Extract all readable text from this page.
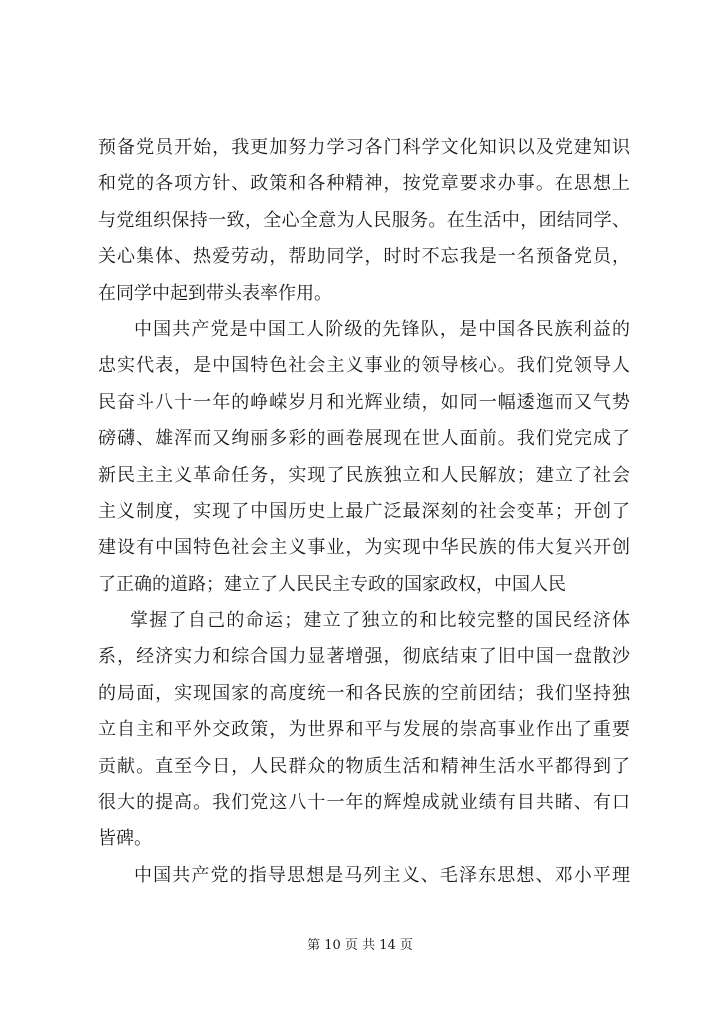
预备党员开始，我更加努力学习各门科学文化知识以及党建知识
和党的各项方针、政策和各种精神，按党章要求办事。在思想上
与党组织保持一致，全心全意为人民服务。在生活中，团结同学、
关心集体、热爱劳动，帮助同学，时时不忘我是一名预备党员，
在同学中起到带头表率作用。
中国共产党是中国工人阶级的先锋队，是中国各民族利益的
忠实代表，是中国特色社会主义事业的领导核心。我们党领导人
民奋斗八十一年的峥嵘岁月和光辉业绩，如同一幅逶迤而又气势
磅礴、雄浑而又绚丽多彩的画卷展现在世人面前。我们党完成了
新民主主义革命任务，实现了民族独立和人民解放；建立了社会
主义制度，实现了中国历史上最广泛最深刻的社会变革；开创了
建设有中国特色社会主义事业，为实现中华民族的伟大复兴开创
了正确的道路；建立了人民民主专政的国家政权，中国人民
掌握了自己的命运；建立了独立的和比较完整的国民经济体
系，经济实力和综合国力显著增强，彻底结束了旧中国一盘散沙
的局面，实现国家的高度统一和各民族的空前团结；我们坚持独
立自主和平外交政策，为世界和平与发展的崇高事业作出了重要
贡献。直至今日，人民群众的物质生活和精神生活水平都得到了
很大的提高。我们党这八十一年的辉煌成就业绩有目共睹、有口
皆碑。
中国共产党的指导思想是马列主义、毛泽东思想、邓小平理
第 10 页 共 14 页
